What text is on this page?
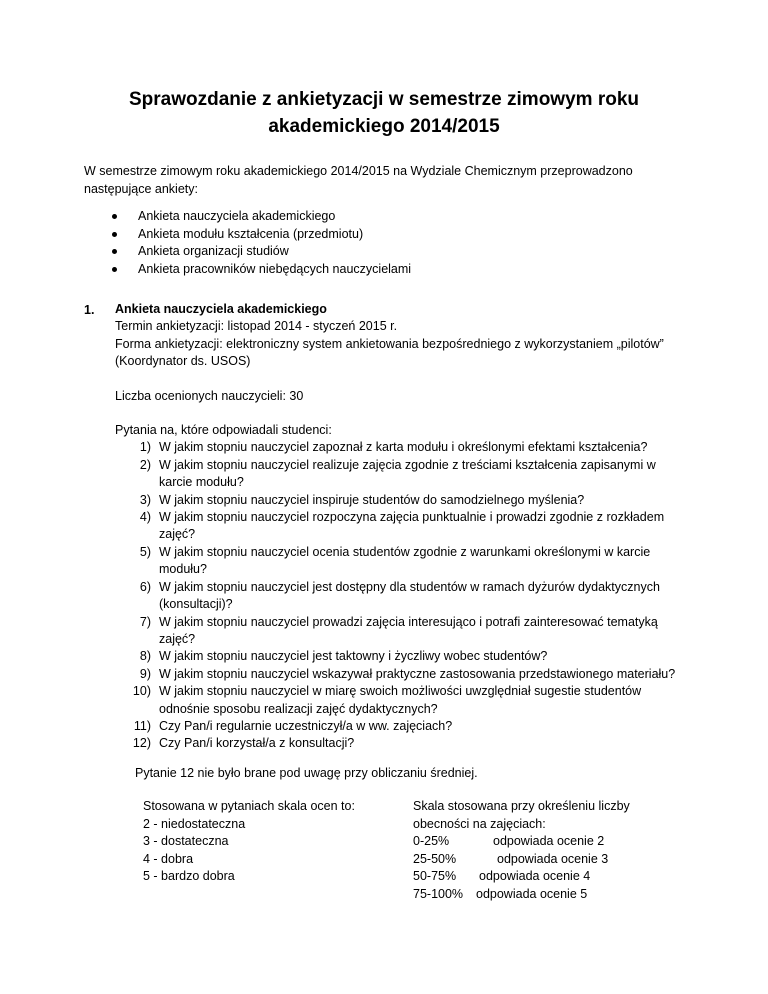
Sprawozdanie z ankietyzacji w semestrze zimowym roku akademickiego 2014/2015

W semestrze zimowym roku akademickiego 2014/2015 na Wydziale Chemicznym przeprowadzono następujące ankiety:

Ankieta nauczyciela akademickiego
Ankieta modułu kształcenia (przedmiotu)
Ankieta organizacji studiów
Ankieta pracowników niebędących nauczycielami
1. Ankieta nauczyciela akademickiego
Termin ankietyzacji: listopad 2014 - styczeń 2015 r.
Forma ankietyzacji: elektroniczny system ankietowania bezpośredniego z wykorzystaniem „pilotów” (Koordynator ds. USOS)
Liczba ocenionych nauczycieli: 30
Pytania na, które odpowiadali studenci:
1) W jakim stopniu nauczyciel zapoznał z karta modułu i określonymi efektami kształcenia?
2) W jakim stopniu nauczyciel realizuje zajęcia zgodnie z treściami kształcenia zapisanymi w karcie modułu?
3) W jakim stopniu nauczyciel inspiruje studentów do samodzielnego myślenia?
4) W jakim stopniu nauczyciel rozpoczyna zajęcia punktualnie i prowadzi zgodnie z rozkładem zajęć?
5) W jakim stopniu nauczyciel ocenia studentów zgodnie z warunkami określonymi w karcie modułu?
6) W jakim stopniu nauczyciel jest dostępny dla studentów w ramach dyżurów dydaktycznych (konsultacji)?
7) W jakim stopniu nauczyciel prowadzi zajęcia interesująco i potrafi zainteresować tematyką zajęć?
8) W jakim stopniu nauczyciel jest taktowny i życzliwy wobec studentów?
9) W jakim stopniu nauczyciel wskazywał praktyczne zastosowania przedstawionego materiału?
10) W jakim stopniu nauczyciel w miarę swoich możliwości uwzględniał sugestie studentów odnośnie sposobu realizacji zajęć dydaktycznych?
11) Czy Pan/i regularnie uczestniczył/a w ww. zajęciach?
12) Czy Pan/i korzystał/a z konsultacji?
Pytanie 12 nie było brane pod uwagę przy obliczaniu średniej.
Stosowana w pytaniach skala ocen to:
2 - niedostateczna
3 - dostateczna
4 - dobra
5 - bardzo dobra
Skala stosowana przy określeniu liczby obecności na zajęciach:
0-25%	odpowiada ocenie 2
25-50%	odpowiada ocenie 3
50-75%	odpowiada ocenie 4
75-100%	odpowiada ocenie 5
